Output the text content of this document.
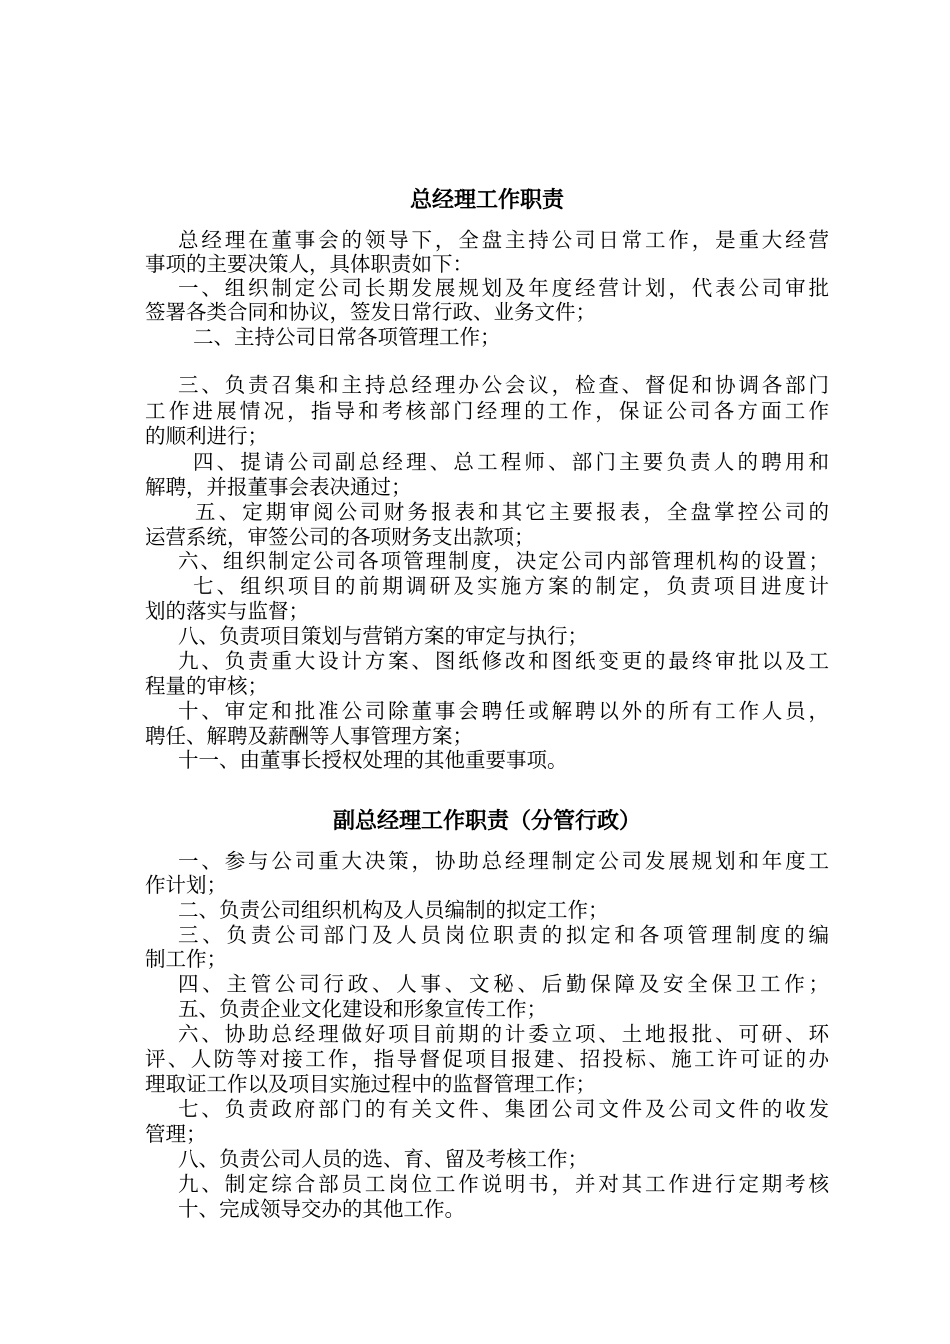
总经理工作职责

总经理在董事会的领导下，全盘主持公司日常工作，是重大经营

事项的主要决策人，具体职责如下：

一、组织制定公司长期发展规划及年度经营计划，代表公司审批

签署各类合同和协议，签发日常行政、业务文件；

二、主持公司日常各项管理工作；

三、负责召集和主持总经理办公会议，检查、督促和协调各部门

工作进展情况，指导和考核部门经理的工作，保证公司各方面工作

的顺利进行；

四、提请公司副总经理、总工程师、部门主要负责人的聘用和

解聘，并报董事会表决通过；

五、定期审阅公司财务报表和其它主要报表，全盘掌控公司的

运营系统，审签公司的各项财务支出款项；

六、组织制定公司各项管理制度，决定公司内部管理机构的设置；

七、组织项目的前期调研及实施方案的制定，负责项目进度计

划的落实与监督；

八、负责项目策划与营销方案的审定与执行；

九、负责重大设计方案、图纸修改和图纸变更的最终审批以及工

程量的审核；

十、审定和批准公司除董事会聘任或解聘以外的所有工作人员，

聘任、解聘及薪酬等人事管理方案；

十一、由董事长授权处理的其他重要事项。

副总经理工作职责（分管行政）

一、参与公司重大决策，协助总经理制定公司发展规划和年度工

作计划；

二、负责公司组织机构及人员编制的拟定工作；

三、负责公司部门及人员岗位职责的拟定和各项管理制度的编

制工作；

四、主管公司行政、人事、文秘、后勤保障及安全保卫工作；

五、负责企业文化建设和形象宣传工作；

六、协助总经理做好项目前期的计委立项、土地报批、可研、环

评、人防等对接工作，指导督促项目报建、招投标、施工许可证的办

理取证工作以及项目实施过程中的监督管理工作；

七、负责政府部门的有关文件、集团公司文件及公司文件的收发

管理；

八、负责公司人员的选、育、留及考核工作；

九、制定综合部员工岗位工作说明书，并对其工作进行定期考核

十、完成领导交办的其他工作。
